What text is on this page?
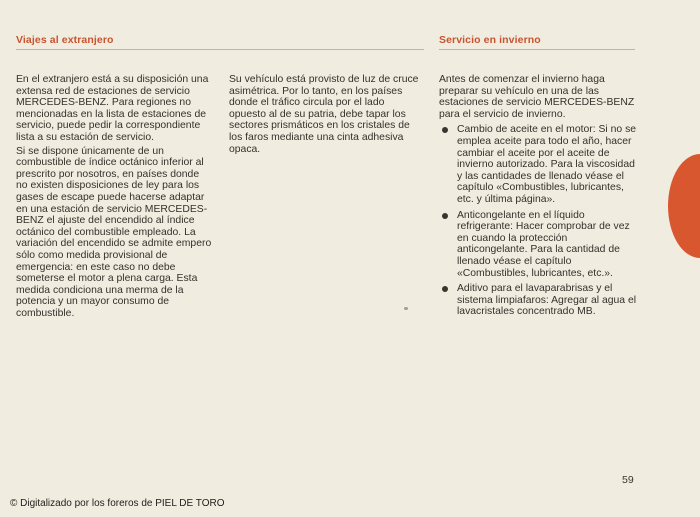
Viajes al extranjero	Servicio en invierno

En el extranjero está a su disposición una extensa red de estaciones de servicio MERCEDES-BENZ. Para regiones no mencionadas en la lista de estaciones de servicio, puede pedir la correspondiente lista a su estación de servicio.

Si se dispone únicamente de un combustible de índice octánico inferior al prescrito por nosotros, en países donde no existen disposiciones de ley para los gases de escape puede hacerse adaptar en una estación de servicio MERCEDES-BENZ el ajuste del encendido al índice octánico del combustible empleado. La variación del encendido se admite empero sólo como medida provisional de emergencia: en este caso no debe someterse el motor a plena carga. Esta medida condiciona una merma de la potencia y un mayor consumo de combustible.

Su vehículo está provisto de luz de cruce asimétrica. Por lo tanto, en los países donde el tráfico circula por el lado opuesto al de su patria, debe tapar los sectores prismáticos en los cristales de los faros mediante una cinta adhesiva opaca.

Antes de comenzar el invierno haga preparar su vehículo en una de las estaciones de servicio MERCEDES-BENZ para el servicio de invierno.

Cambio de aceite en el motor: Si no se emplea aceite para todo el año, hacer cambiar el aceite por el aceite de invierno autorizado. Para la viscosidad y las cantidades de llenado véase el capítulo «Combustibles, lubricantes, etc. y última página».
Anticongelante en el líquido refrigerante: Hacer comprobar de vez en cuando la protección anticongelante. Para la cantidad de llenado véase el capítulo «Combustibles, lubricantes, etc.».
Aditivo para el lavaparabrisas y el sistema limpiafaros: Agregar al agua el lavacristales concentrado MB.
59
© Digitalizado por los foreros de PIEL DE TORO
